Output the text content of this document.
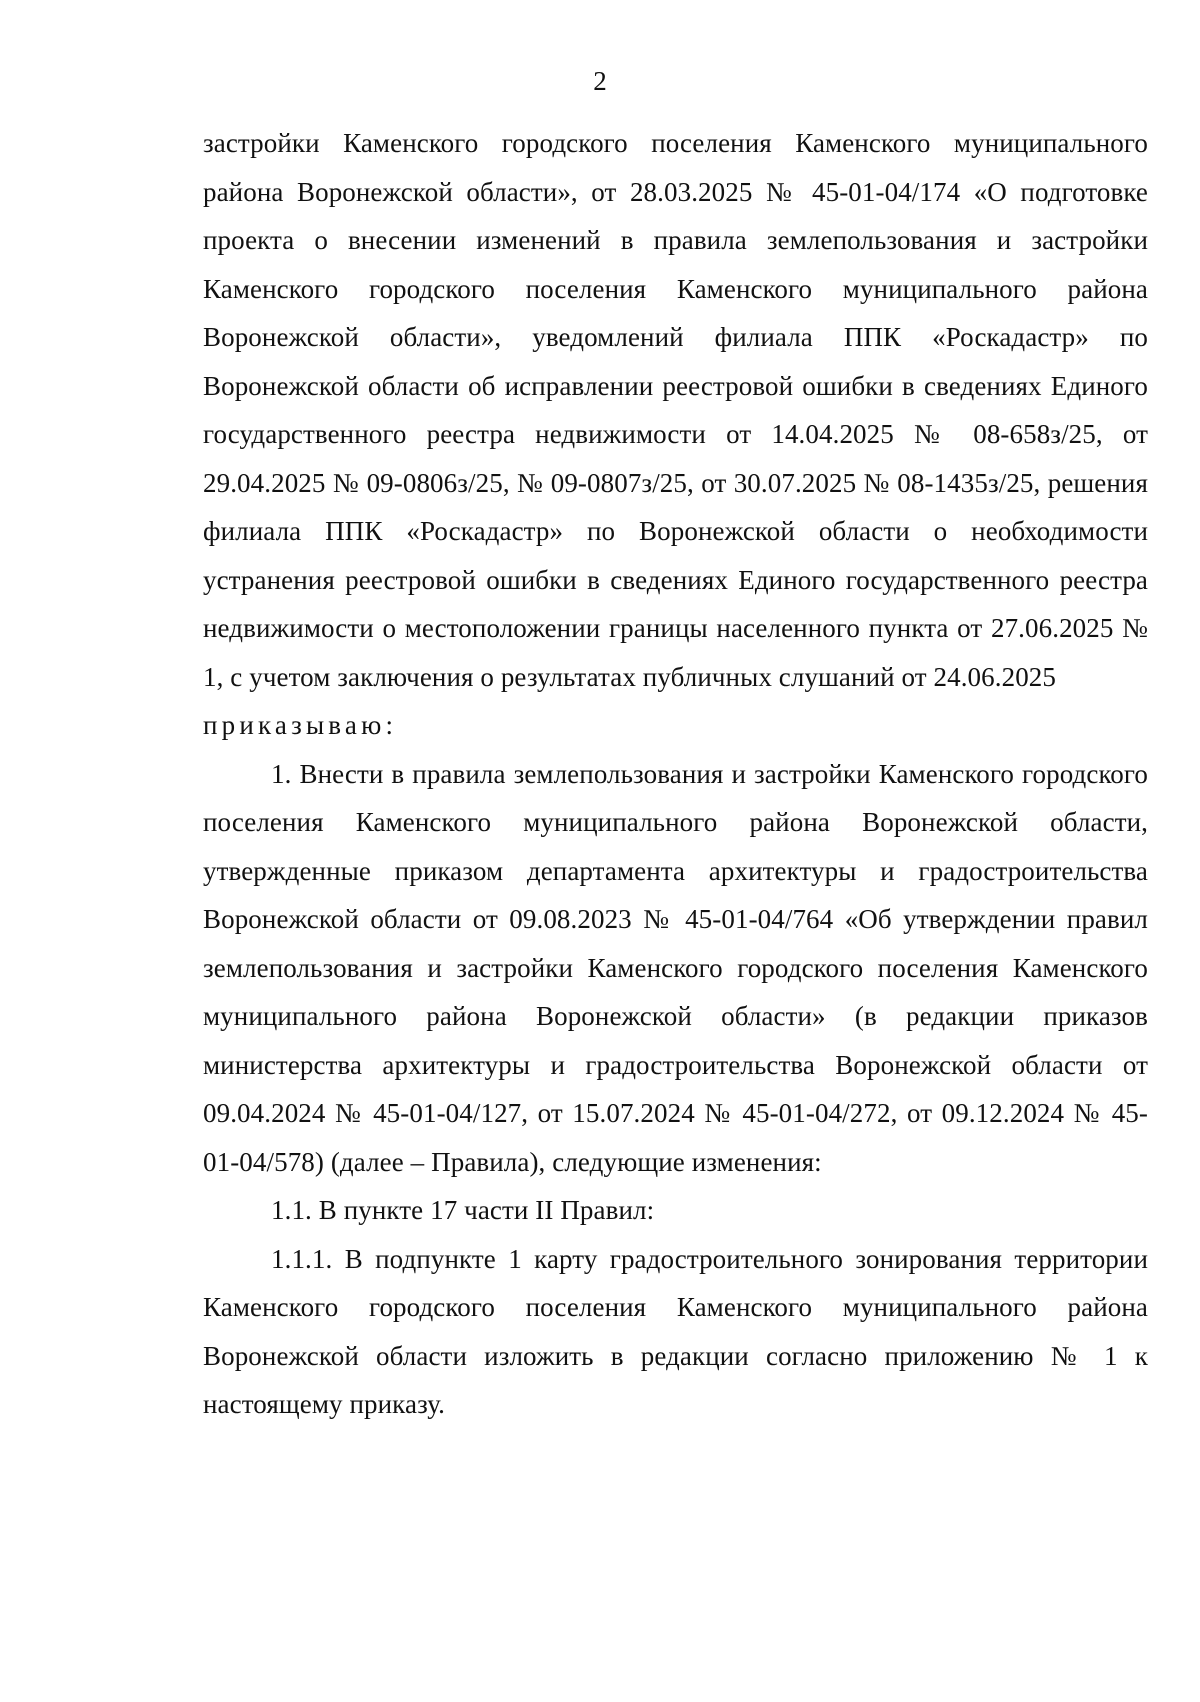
2

застройки Каменского городского поселения Каменского муниципального района Воронежской области», от 28.03.2025 № 45-01-04/174 «О подготовке проекта о внесении изменений в правила землепользования и застройки Каменского городского поселения Каменского муниципального района Воронежской области», уведомлений филиала ППК «Роскадастр» по Воронежской области об исправлении реестровой ошибки в сведениях Единого государственного реестра недвижимости от 14.04.2025 № 08-658з/25, от 29.04.2025 № 09-0806з/25, № 09-0807з/25, от 30.07.2025 № 08-1435з/25, решения филиала ППК «Роскадастр» по Воронежской области о необходимости устранения реестровой ошибки в сведениях Единого государственного реестра недвижимости о местоположении границы населенного пункта от 27.06.2025 № 1, с учетом заключения о результатах публичных слушаний от 24.06.2025

приказываю:

1. Внести в правила землепользования и застройки Каменского городского поселения Каменского муниципального района Воронежской области, утвержденные приказом департамента архитектуры и градостроительства Воронежской области от 09.08.2023 № 45-01-04/764 «Об утверждении правил землепользования и застройки Каменского городского поселения Каменского муниципального района Воронежской области» (в редакции приказов министерства архитектуры и градостроительства Воронежской области от 09.04.2024 № 45-01-04/127, от 15.07.2024 № 45-01-04/272, от 09.12.2024 № 45-01-04/578) (далее – Правила), следующие изменения:

1.1. В пункте 17 части II Правил:

1.1.1. В подпункте 1 карту градостроительного зонирования территории Каменского городского поселения Каменского муниципального района Воронежской области изложить в редакции согласно приложению № 1 к настоящему приказу.
